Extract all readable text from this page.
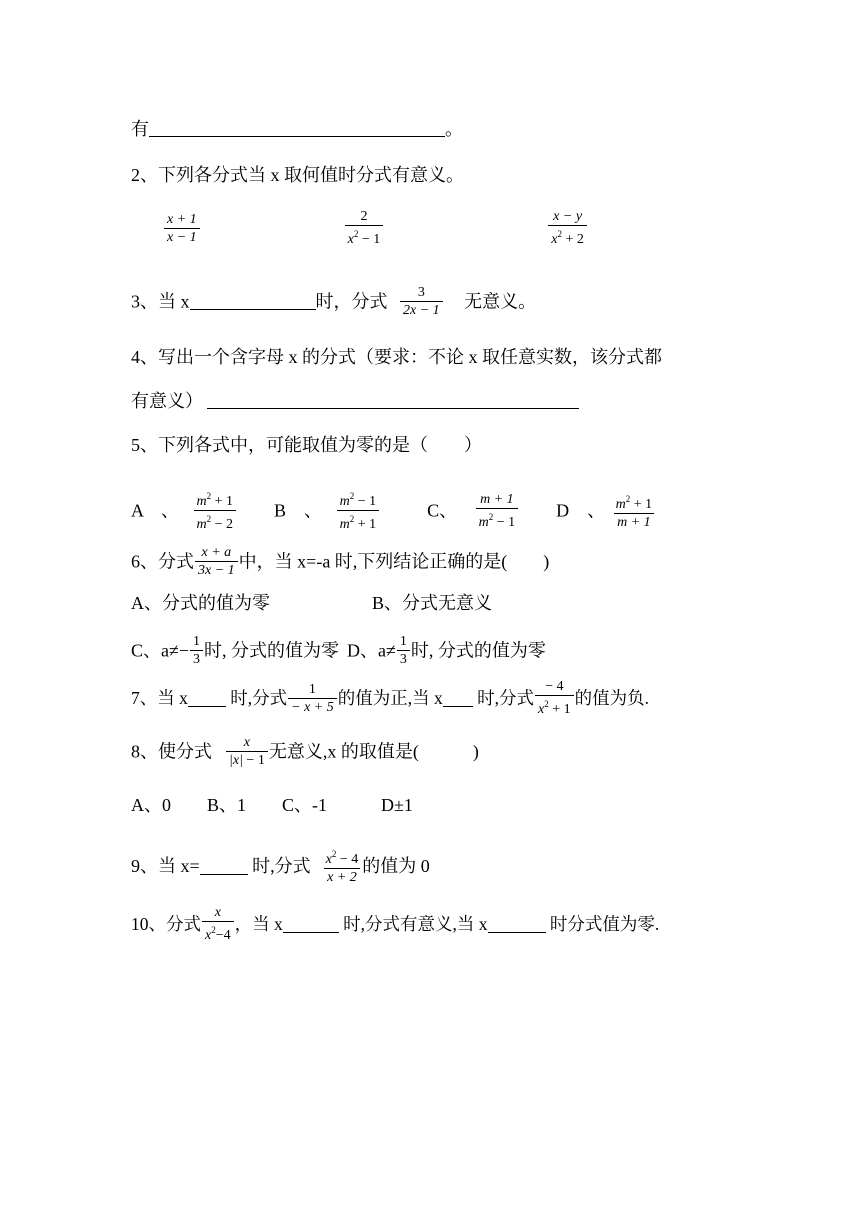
有	。
2、下列各分式当 x 取何值时分式有意义。
$\frac{x + 1}{x - 1}$
	$\frac{2}{x^2 - 1}$
	$\frac{x - y}{x^2 + 2}$
3、当 x	时，分式 $\frac{3}{2x - 1}$ 无意义。
4、写出一个含字母 x 的分式（要求：不论 x 取任意实数，该分式都
有意义）
5、下列各式中，可能取值为零的是（　　）
A　、 $\frac{m^2 + 1}{m^2 - 2}$ B　、 $\frac{m^2 - 1}{m^2 + 1}$	C、 $\frac{m + 1}{m^2 - 1}$ D　、 $\frac{m^2 + 1}{m + 1}$
6、分式 $\frac{x + a}{3x - 1}$ 中，当 x=-a 时,下列结论正确的是(　　)
A、分式的值为零	B、分式无意义
C、$a\ne- \frac{1}{3}$ 时, 分式的值为零 D、$a\ne \frac{1}{3}$ 时, 分式的值为零
7、当 x 时,分式 $\frac{1}{- x + 5}$ 的值为正,当 x 时,分式 $\frac{- 4}{x^2 + 1}$ 的值为负.
8、使分式 $\frac{x}{|x| - 1}$ 无意义,x 的取值是(　　　)
A、0　　B、1　　C、-1　　　D±1
9、当 x=	时,分式 $\frac{x^2 - 4}{x + 2}$ 的值为 0
10、分式 $\frac{x}{x^2-4}$ ，当 x	时,分式有意义,当 x	时分式值为零.
